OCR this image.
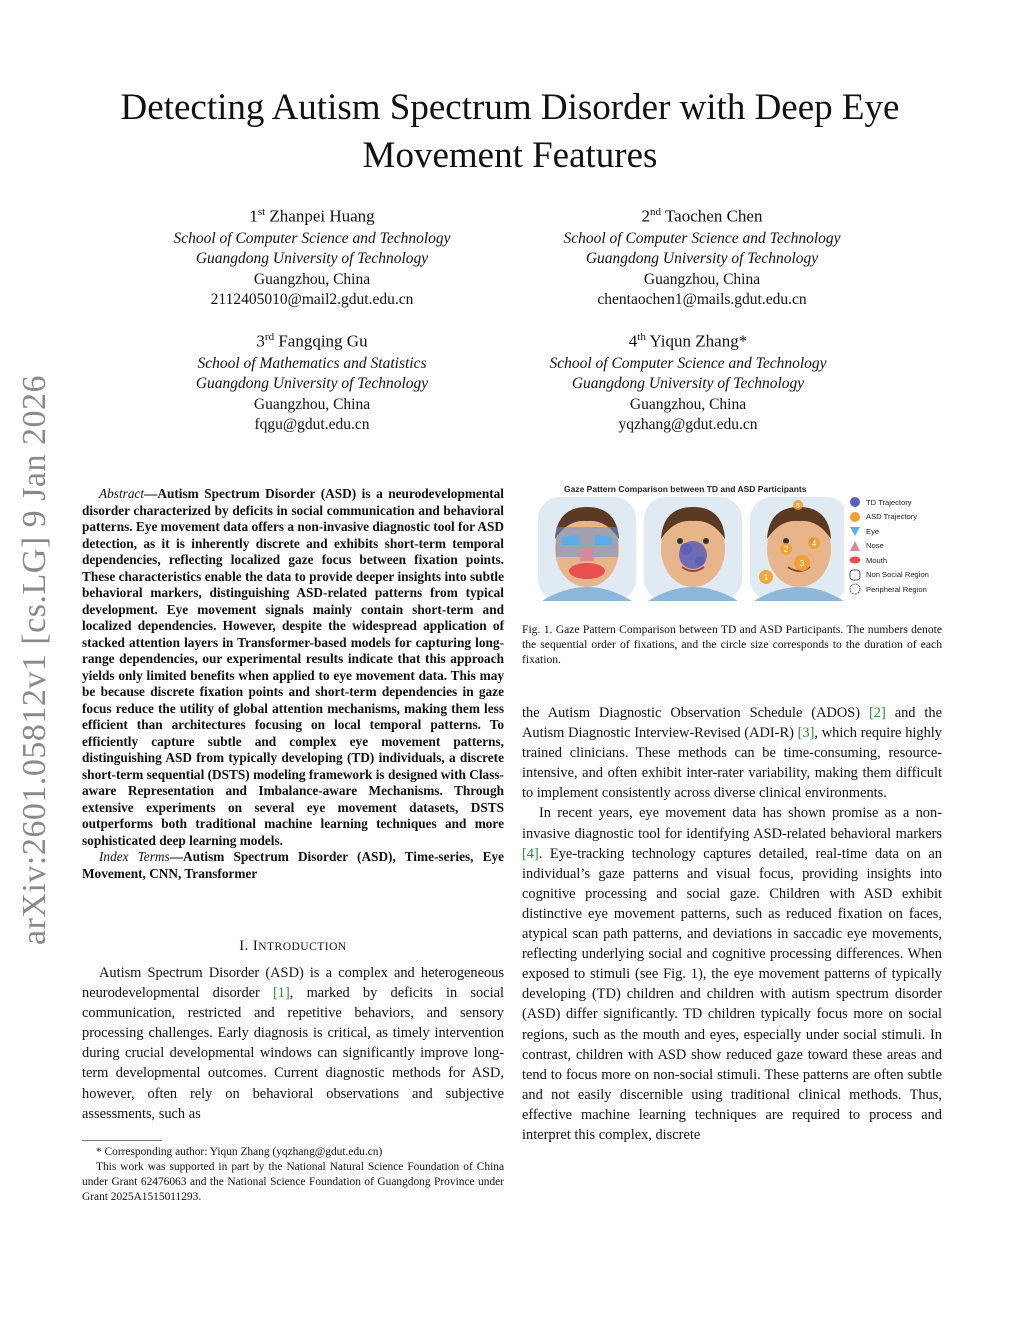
arXiv:2601.05812v1 [cs.LG] 9 Jan 2026
Detecting Autism Spectrum Disorder with Deep Eye Movement Features
1st Zhanpei Huang
School of Computer Science and Technology
Guangdong University of Technology
Guangzhou, China
2112405010@mail2.gdut.edu.cn
2nd Taochen Chen
School of Computer Science and Technology
Guangdong University of Technology
Guangzhou, China
chentaochen1@mails.gdut.edu.cn
3rd Fangqing Gu
School of Mathematics and Statistics
Guangdong University of Technology
Guangzhou, China
fqgu@gdut.edu.cn
4th Yiqun Zhang*
School of Computer Science and Technology
Guangdong University of Technology
Guangzhou, China
yqzhang@gdut.edu.cn

Abstract—Autism Spectrum Disorder (ASD) is a neurodevelopmental disorder characterized by deficits in social communication and behavioral patterns. Eye movement data offers a non-invasive diagnostic tool for ASD detection, as it is inherently discrete and exhibits short-term temporal dependencies, reflecting localized gaze focus between fixation points. These characteristics enable the data to provide deeper insights into subtle behavioral markers, distinguishing ASD-related patterns from typical development. Eye movement signals mainly contain short-term and localized dependencies. However, despite the widespread application of stacked attention layers in Transformer-based models for capturing long-range dependencies, our experimental results indicate that this approach yields only limited benefits when applied to eye movement data. This may be because discrete fixation points and short-term dependencies in gaze focus reduce the utility of global attention mechanisms, making them less efficient than architectures focusing on local temporal patterns. To efficiently capture subtle and complex eye movement patterns, distinguishing ASD from typically developing (TD) individuals, a discrete short-term sequential (DSTS) modeling framework is designed with Class-aware Representation and Imbalance-aware Mechanisms. Through extensive experiments on several eye movement datasets, DSTS outperforms both traditional machine learning techniques and more sophisticated deep learning models.

Index Terms—Autism Spectrum Disorder (ASD), Time-series, Eye Movement, CNN, Transformer

I. INTRODUCTION

Autism Spectrum Disorder (ASD) is a complex and heterogeneous neurodevelopmental disorder [1], marked by deficits in social communication, restricted and repetitive behaviors, and sensory processing challenges. Early diagnosis is critical, as timely intervention during crucial developmental windows can significantly improve long-term developmental outcomes. Current diagnostic methods for ASD, however, often rely on behavioral observations and subjective assessments, such as

* Corresponding author: Yiqun Zhang (yqzhang@gdut.edu.cn)

This work was supported in part by the National Natural Science Foundation of China under Grant 62476063 and the National Science Foundation of Guangdong Province under Grant 2025A1515011293.

Gaze Pattern Comparison between TD and ASD Participants
1
2
3
4
5	TD Trajectory
ASD Trajectory
Eye
Nose
Mouth
Non Social Region
Peripheral Region
Fig. 1. Gaze Pattern Comparison between TD and ASD Participants. The numbers denote the sequential order of fixations, and the circle size corresponds to the duration of each fixation.

the Autism Diagnostic Observation Schedule (ADOS) [2] and the Autism Diagnostic Interview-Revised (ADI-R) [3], which require highly trained clinicians. These methods can be time-consuming, resource-intensive, and often exhibit inter-rater variability, making them difficult to implement consistently across diverse clinical environments.

In recent years, eye movement data has shown promise as a non-invasive diagnostic tool for identifying ASD-related behavioral markers [4]. Eye-tracking technology captures detailed, real-time data on an individual’s gaze patterns and visual focus, providing insights into cognitive processing and social gaze. Children with ASD exhibit distinctive eye movement patterns, such as reduced fixation on faces, atypical scan path patterns, and deviations in saccadic eye movements, reflecting underlying social and cognitive processing differences. When exposed to stimuli (see Fig. 1), the eye movement patterns of typically developing (TD) children and children with autism spectrum disorder (ASD) differ significantly. TD children typically focus more on social regions, such as the mouth and eyes, especially under social stimuli. In contrast, children with ASD show reduced gaze toward these areas and tend to focus more on non-social stimuli. These patterns are often subtle and not easily discernible using traditional clinical methods. Thus, effective machine learning techniques are required to process and interpret this complex, discrete
